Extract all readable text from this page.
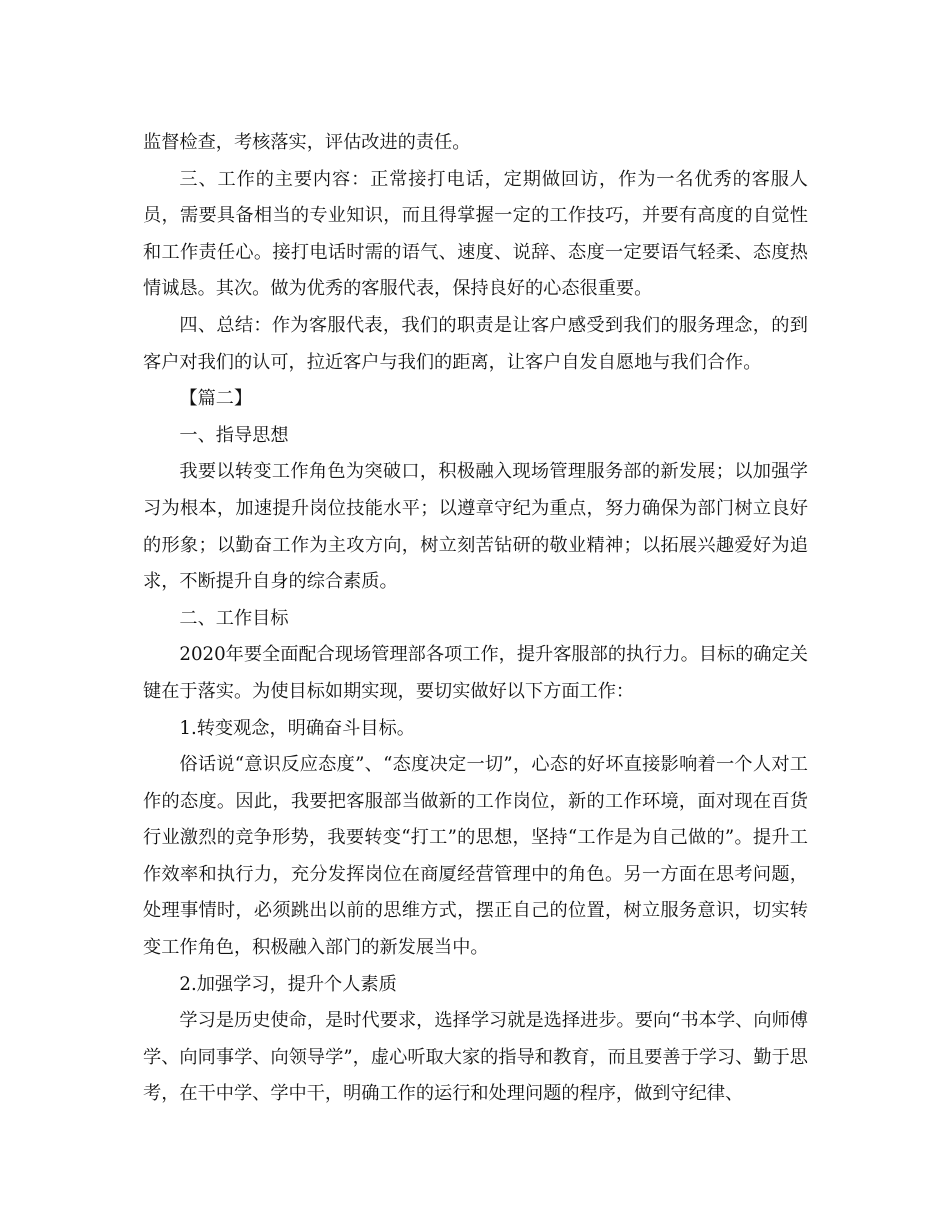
监督检查，考核落实，评估改进的责任。

三、工作的主要内容：正常接打电话，定期做回访，作为一名优秀的客服人员，需要具备相当的专业知识，而且得掌握一定的工作技巧，并要有高度的自觉性和工作责任心。接打电话时需的语气、速度、说辞、态度一定要语气轻柔、态度热情诚恳。其次。做为优秀的客服代表，保持良好的心态很重要。

四、总结：作为客服代表，我们的职责是让客户感受到我们的服务理念，的到客户对我们的认可，拉近客户与我们的距离，让客户自发自愿地与我们合作。

【篇二】

一、指导思想

我要以转变工作角色为突破口，积极融入现场管理服务部的新发展；以加强学习为根本，加速提升岗位技能水平；以遵章守纪为重点，努力确保为部门树立良好的形象；以勤奋工作为主攻方向，树立刻苦钻研的敬业精神；以拓展兴趣爱好为追求，不断提升自身的综合素质。

二、工作目标

2020年要全面配合现场管理部各项工作，提升客服部的执行力。目标的确定关键在于落实。为使目标如期实现，要切实做好以下方面工作：

1.转变观念，明确奋斗目标。

俗话说“意识反应态度”、“态度决定一切”，心态的好坏直接影响着一个人对工作的态度。因此，我要把客服部当做新的工作岗位，新的工作环境，面对现在百货行业激烈的竞争形势，我要转变“打工”的思想，坚持“工作是为自己做的”。提升工作效率和执行力，充分发挥岗位在商厦经营管理中的角色。另一方面在思考问题，处理事情时，必须跳出以前的思维方式，摆正自己的位置，树立服务意识，切实转变工作角色，积极融入部门的新发展当中。

2.加强学习，提升个人素质

学习是历史使命，是时代要求，选择学习就是选择进步。要向“书本学、向师傅学、向同事学、向领导学”，虚心听取大家的指导和教育，而且要善于学习、勤于思考，在干中学、学中干，明确工作的运行和处理问题的程序，做到守纪律、
